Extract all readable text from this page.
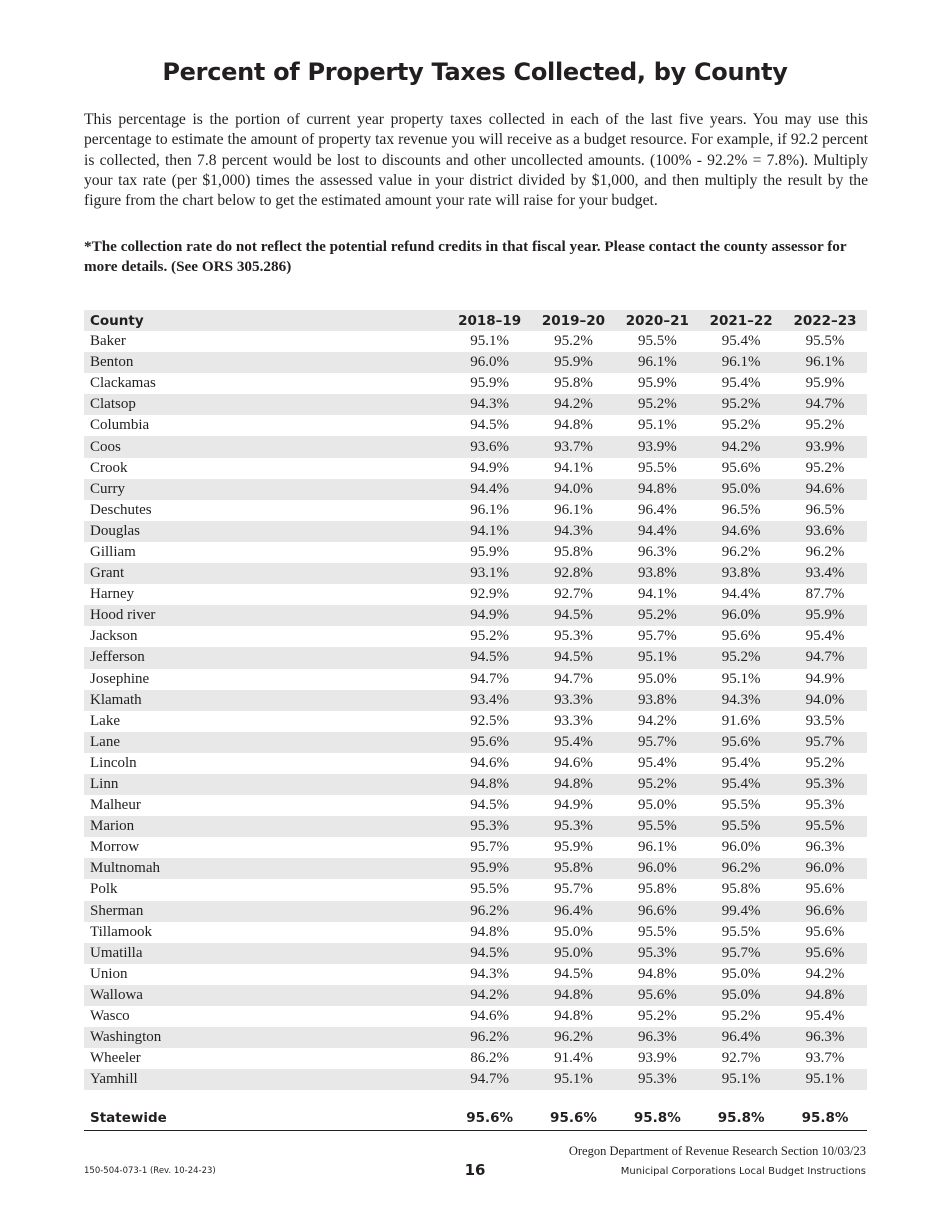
Percent of Property Taxes Collected, by County

This percentage is the portion of current year property taxes collected in each of the last five years. You may use this percentage to estimate the amount of property tax revenue you will receive as a budget resource. For example, if 92.2 percent is collected, then 7.8 percent would be lost to discounts and other uncollected amounts. (100% - 92.2% = 7.8%). Multiply your tax rate (per $1,000) times the assessed value in your district divided by $1,000, and then multiply the result by the figure from the chart below to get the estimated amount your rate will raise for your budget.

*The collection rate do not reflect the potential refund credits in that fiscal year. Please contact the county assessor for more details. (See ORS 305.286)

County	2018–19	2019–20	2020–21	2021–22	2022–23
Baker	95.1%	95.2%	95.5%	95.4%	95.5%
Benton	96.0%	95.9%	96.1%	96.1%	96.1%
Clackamas	95.9%	95.8%	95.9%	95.4%	95.9%
Clatsop	94.3%	94.2%	95.2%	95.2%	94.7%
Columbia	94.5%	94.8%	95.1%	95.2%	95.2%
Coos	93.6%	93.7%	93.9%	94.2%	93.9%
Crook	94.9%	94.1%	95.5%	95.6%	95.2%
Curry	94.4%	94.0%	94.8%	95.0%	94.6%
Deschutes	96.1%	96.1%	96.4%	96.5%	96.5%
Douglas	94.1%	94.3%	94.4%	94.6%	93.6%
Gilliam	95.9%	95.8%	96.3%	96.2%	96.2%
Grant	93.1%	92.8%	93.8%	93.8%	93.4%
Harney	92.9%	92.7%	94.1%	94.4%	87.7%
Hood river	94.9%	94.5%	95.2%	96.0%	95.9%
Jackson	95.2%	95.3%	95.7%	95.6%	95.4%
Jefferson	94.5%	94.5%	95.1%	95.2%	94.7%
Josephine	94.7%	94.7%	95.0%	95.1%	94.9%
Klamath	93.4%	93.3%	93.8%	94.3%	94.0%
Lake	92.5%	93.3%	94.2%	91.6%	93.5%
Lane	95.6%	95.4%	95.7%	95.6%	95.7%
Lincoln	94.6%	94.6%	95.4%	95.4%	95.2%
Linn	94.8%	94.8%	95.2%	95.4%	95.3%
Malheur	94.5%	94.9%	95.0%	95.5%	95.3%
Marion	95.3%	95.3%	95.5%	95.5%	95.5%
Morrow	95.7%	95.9%	96.1%	96.0%	96.3%
Multnomah	95.9%	95.8%	96.0%	96.2%	96.0%
Polk	95.5%	95.7%	95.8%	95.8%	95.6%
Sherman	96.2%	96.4%	96.6%	99.4%	96.6%
Tillamook	94.8%	95.0%	95.5%	95.5%	95.6%
Umatilla	94.5%	95.0%	95.3%	95.7%	95.6%
Union	94.3%	94.5%	94.8%	95.0%	94.2%
Wallowa	94.2%	94.8%	95.6%	95.0%	94.8%
Wasco	94.6%	94.8%	95.2%	95.2%	95.4%
Washington	96.2%	96.2%	96.3%	96.4%	96.3%
Wheeler	86.2%	91.4%	93.9%	92.7%	93.7%
Yamhill	94.7%	95.1%	95.3%	95.1%	95.1%

Statewide	95.6%	95.6%	95.8%	95.8%	95.8%
Oregon Department of Revenue Research Section 10/03/23
150-504-073-1 (Rev. 10-24-23)	16	Municipal Corporations Local Budget Instructions
